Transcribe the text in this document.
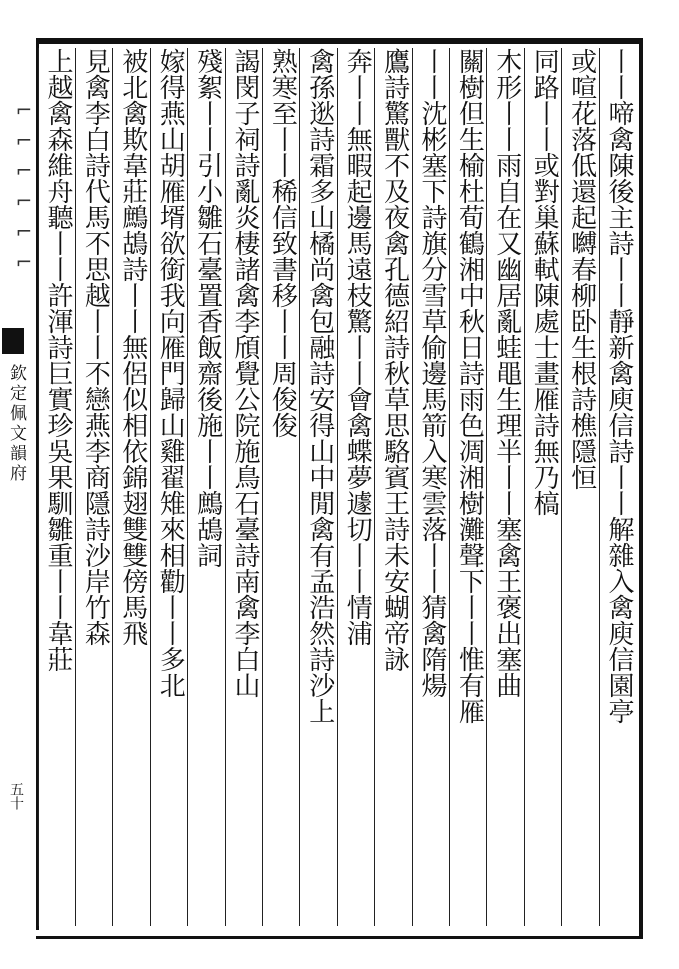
⌐ ⌐ ⌐ ⌐ ⌐ ⌐
欽定佩文韻府
五十
丨丨啼禽陳後主詩丨丨靜新禽庾信詩丨丨解雜入禽庾信園亭
或喧花落低還起嚩春柳卧生根詩樵隱恒
同路丨丨或對巢蘇軾陳處士畫雁詩無乃槁
木形丨丨雨自在又幽居亂蛙黽生理半丨丨塞禽王褒出塞曲
關樹但生榆杜荀鶴湘中秋日詩雨色凋湘樹灘聲下丨丨惟有雁
丨丨沈彬塞下詩旗分雪草偷邊馬箭入寒雲落丨丨猜禽隋煬
鷹詩驚獸不及夜禽孔德紹詩秋草思駱賓王詩未安蝴帝詠
奔丨丨無暇起邊馬遠枝驚丨丨會禽蝶夢遽切丨丨情浦
禽孫逖詩霜多山橘尚禽包融詩安得山中閒禽有孟浩然詩沙上
熟寒至丨丨稀信致書移丨丨周俊俊
謁閔子祠詩亂炎棲諸禽李頎覺公院施鳥石臺詩南禽李白山
殘絮丨丨引小雛石臺置香飯齋後施丨丨鷓鴣詞
嫁得燕山胡雁壻欲銜我向雁門歸山雞翟雉來相勸丨丨多北
被北禽欺韋莊鷓鴣詩丨丨無侶似相依錦翅雙雙傍馬飛
見禽李白詩代馬不思越丨丨不戀燕李商隱詩沙岸竹森
上越禽森維舟聽丨丨許渾詩巨實珍吳果馴雛重丨丨韋莊
